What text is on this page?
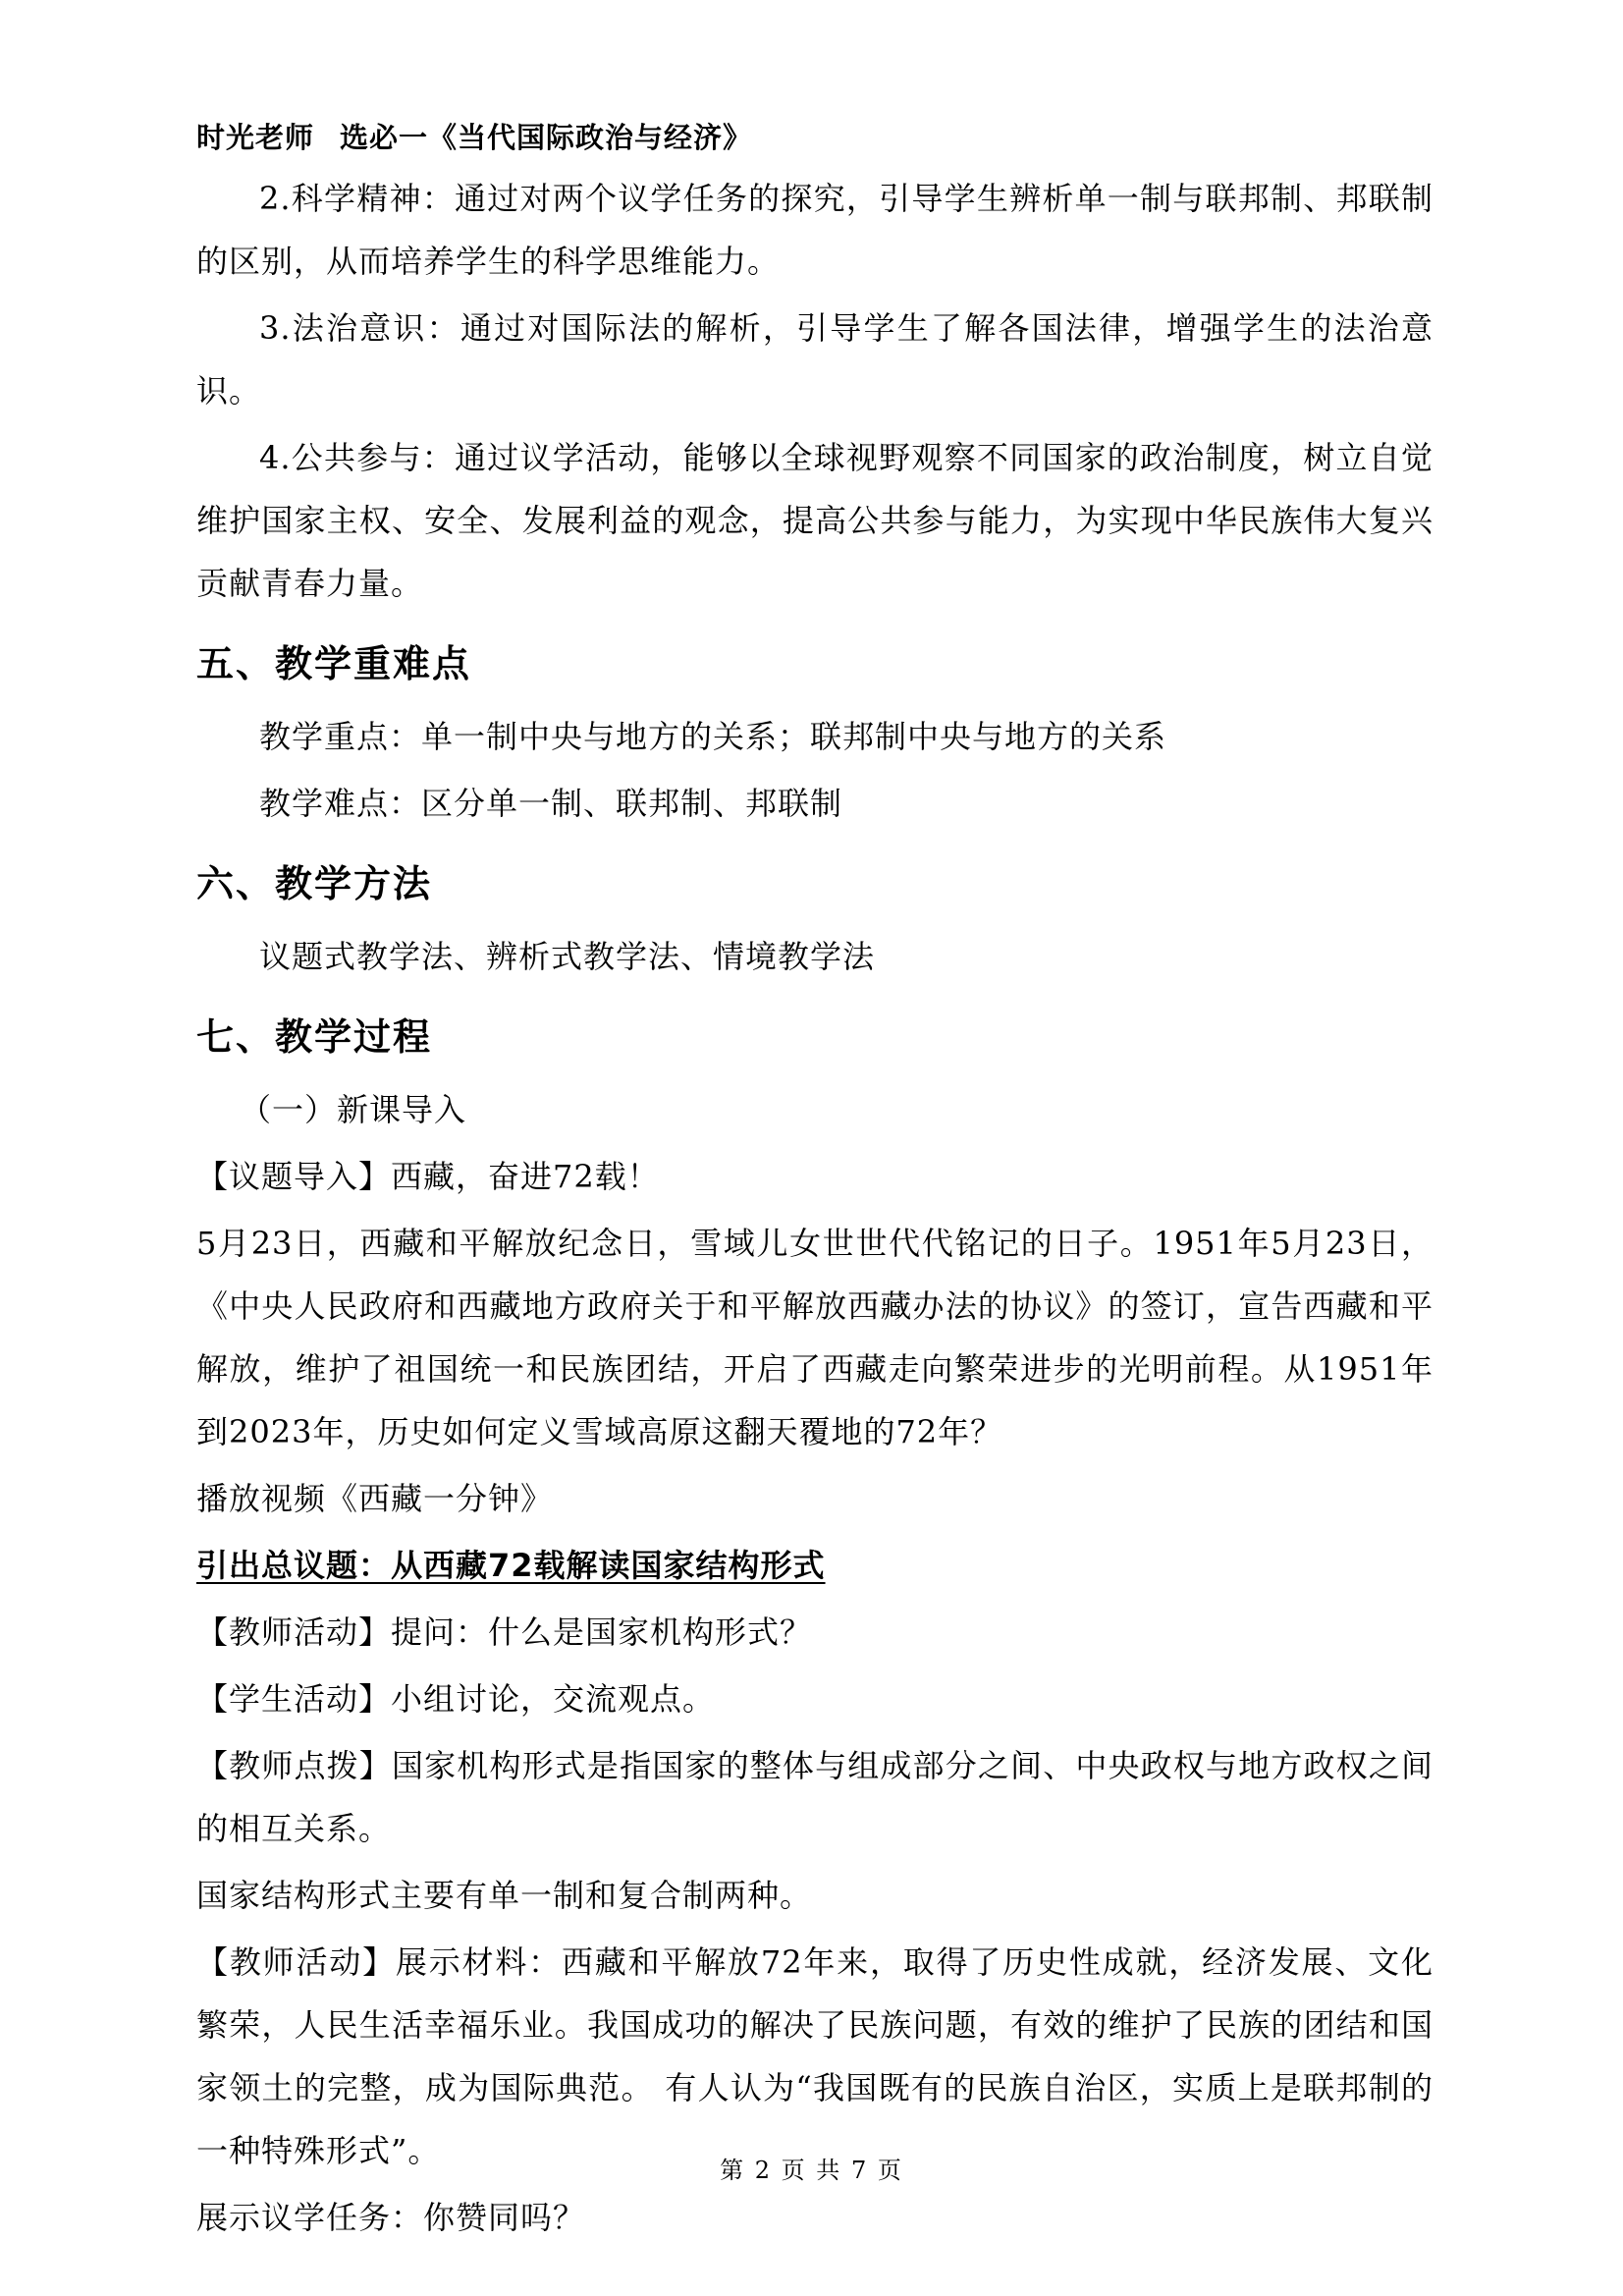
时光老师 选必一《当代国际政治与经济》

2.科学精神：通过对两个议学任务的探究，引导学生辨析单一制与联邦制、邦联制的区别，从而培养学生的科学思维能力。

3.法治意识：通过对国际法的解析，引导学生了解各国法律，增强学生的法治意识。

4.公共参与：通过议学活动，能够以全球视野观察不同国家的政治制度，树立自觉维护国家主权、安全、发展利益的观念，提高公共参与能力，为实现中华民族伟大复兴贡献青春力量。

五、教学重难点

教学重点：单一制中央与地方的关系；联邦制中央与地方的关系

教学难点：区分单一制、联邦制、邦联制

六、教学方法

议题式教学法、辨析式教学法、情境教学法

七、教学过程

（一）新课导入

【议题导入】西藏，奋进72载！

5月23日，西藏和平解放纪念日，雪域儿女世世代代铭记的日子。1951年5月23日，《中央人民政府和西藏地方政府关于和平解放西藏办法的协议》的签订，宣告西藏和平解放，维护了祖国统一和民族团结，开启了西藏走向繁荣进步的光明前程。从1951年到2023年，历史如何定义雪域高原这翻天覆地的72年？

播放视频《西藏一分钟》

引出总议题：从西藏72载解读国家结构形式

【教师活动】提问：什么是国家机构形式？

【学生活动】小组讨论，交流观点。

【教师点拨】国家机构形式是指国家的整体与组成部分之间、中央政权与地方政权之间的相互关系。

国家结构形式主要有单一制和复合制两种。

【教师活动】展示材料：西藏和平解放72年来，取得了历史性成就，经济发展、文化繁荣，人民生活幸福乐业。我国成功的解决了民族问题，有效的维护了民族的团结和国家领土的完整，成为国际典范。 有人认为“我国既有的民族自治区，实质上是联邦制的一种特殊形式”。

展示议学任务：你赞同吗？

第 2 页 共 7 页
